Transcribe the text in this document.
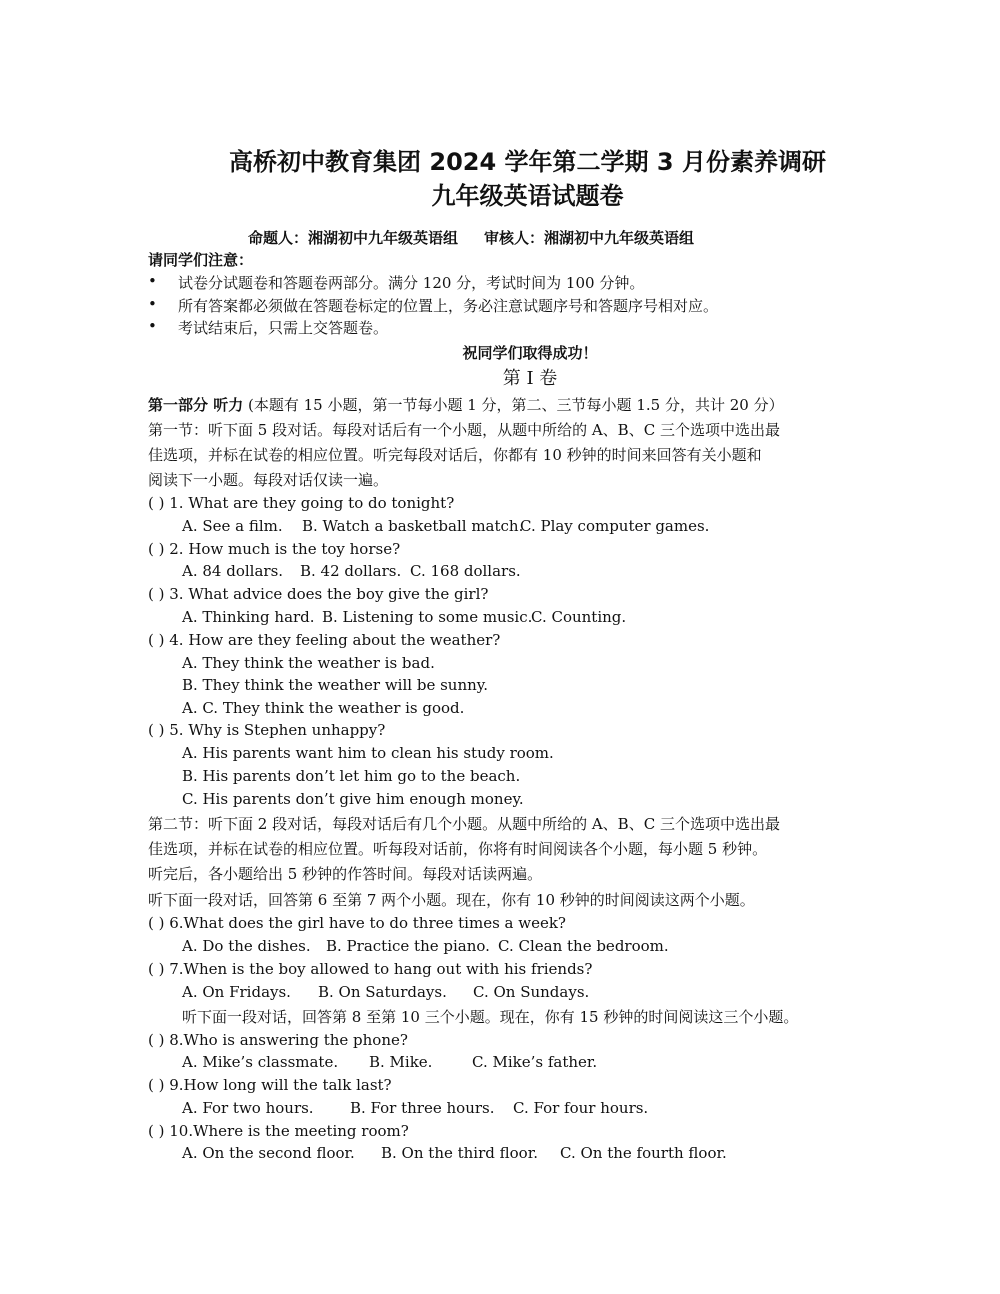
高桥初中教育集团 2024 学年第二学期 3 月份素养调研
九年级英语试题卷
命题人：湘湖初中九年级英语组 审核人：湘湖初中九年级英语组
请同学们注意：
• 试卷分试题卷和答题卷两部分。满分 120 分，考试时间为 100 分钟。
• 所有答案都必须做在答题卷标定的位置上，务必注意试题序号和答题序号相对应。
• 考试结束后，只需上交答题卷。
祝同学们取得成功！
第 I 卷
第一部分 听力 (本题有 15 小题，第一节每小题 1 分，第二、三节每小题 1.5 分，共计 20 分）
第一节：听下面 5 段对话。每段对话后有一个小题，从题中所给的 A、B、C 三个选项中选出最
佳选项，并标在试卷的相应位置。听完每段对话后，你都有 10 秒钟的时间来回答有关小题和
阅读下一小题。每段对话仅读一遍。
( ) 1. What are they going to do tonight?
A. See a film. B. Watch a basketball match.C. Play computer games.
( ) 2. How much is the toy horse?
A. 84 dollars. B. 42 dollars. C. 168 dollars.
( ) 3. What advice does the boy give the girl?
A. Thinking hard. B. Listening to some music.C. Counting.
( ) 4. How are they feeling about the weather?
A. They think the weather is bad.
B. They think the weather will be sunny.
A. C. They think the weather is good.
( ) 5. Why is Stephen unhappy?
A. His parents want him to clean his study room.
B. His parents don’t let him go to the beach.
C. His parents don’t give him enough money.
第二节：听下面 2 段对话，每段对话后有几个小题。从题中所给的 A、B、C 三个选项中选出最
佳选项，并标在试卷的相应位置。听每段对话前，你将有时间阅读各个小题，每小题 5 秒钟。
听完后，各小题给出 5 秒钟的作答时间。每段对话读两遍。
听下面一段对话，回答第 6 至第 7 两个小题。现在，你有 10 秒钟的时间阅读这两个小题。
( ) 6.What does the girl have to do three times a week?
A. Do the dishes. B. Practice the piano. C. Clean the bedroom.
( ) 7.When is the boy allowed to hang out with his friends?
A. On Fridays. B. On Saturdays. C. On Sundays.
听下面一段对话，回答第 8 至第 10 三个小题。现在，你有 15 秒钟的时间阅读这三个小题。
( ) 8.Who is answering the phone?
A. Mike’s classmate. B. Mike.	C. Mike’s father.
( ) 9.How long will the talk last?
A. For two hours. B. For three hours. C. For four hours.
( ) 10.Where is the meeting room?
A. On the second floor. B. On the third floor. C. On the fourth floor.
